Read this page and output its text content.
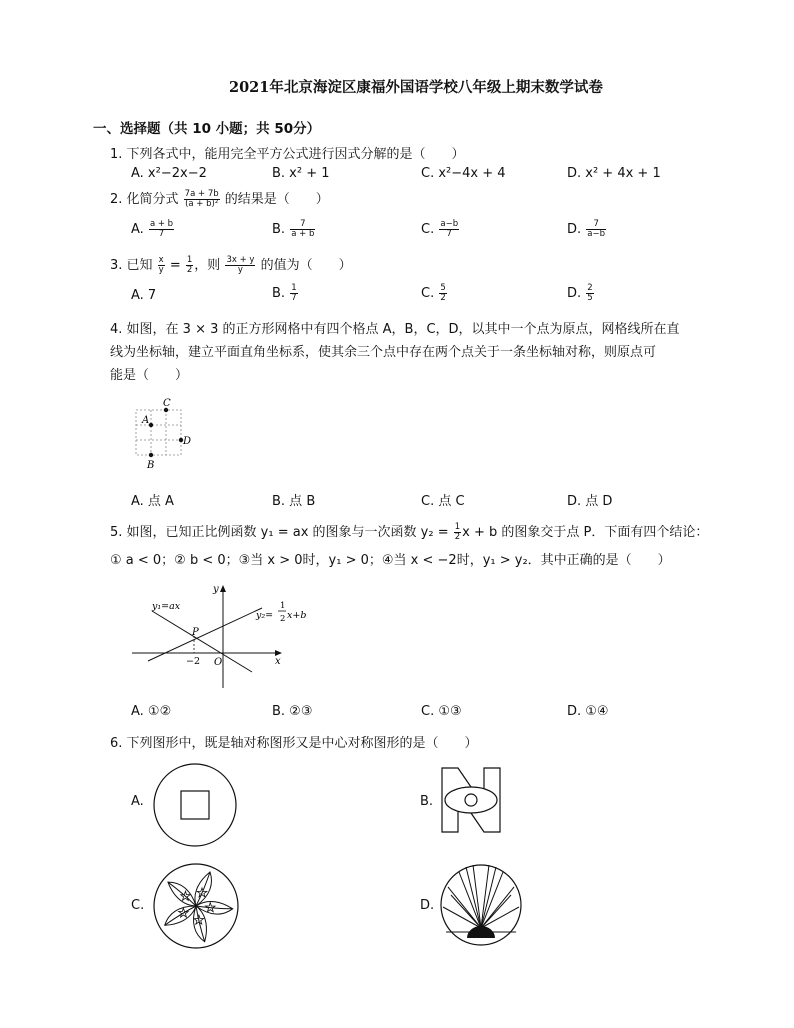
2021年北京海淀区康福外国语学校八年级上期末数学试卷
一、选择题（共 10 小题；共 50分）
1. 下列各式中，能用完全平方公式进行因式分解的是（　　）
A. x²−2x−2	B. x² + 1	C. x²−4x + 4	D. x² + 4x + 1
2. 化简分式 $\frac{7a + 7b}{\text{(a + b)²}}$ 的结果是（　　）
A. $\frac{a + b}{7}$	B. $\frac{7}{a + b}$	C. $\frac{a-b}{7}$	D. $\frac{7}{a-b}$
3. 已知 $\frac{x}{y} = \frac{1}{2}$ ，则 $\frac{3x + y}{y}$ 的值为（　　）
A. 7	B. $\frac{1}{7}$	C. $\frac{5}{2}$	D. $\frac{2}{5}$
4. 如图，在 3 × 3 的正方形网格中有四个格点 A，B，C，D，以其中一个点为原点，网格线所在直
线为坐标轴，建立平面直角坐标系，使其余三个点中存在两个点关于一条坐标轴对称，则原点可
能是（　　）
C
A
D
B
A. 点 A	B. 点 B	C. 点 C	D. 点 D
5. 如图，已知正比例函数 y₁ = ax 的图象与一次函数 $y_2 = \frac{1}{2}$ x + b 的图象交于点 P．下面有四个结论：
① a < 0；② b < 0；③当 x > 0时，y₁ > 0；④当 x < −2时，y₁ > y₂．其中正确的是（　　）
y
x
O
P
−2
y₁=ax
y₂=
1
2 x+b
A. ①②	B. ②③	C. ①③	D. ①④
6. 下列图形中，既是轴对称图形又是中心对称图形的是（　　）
A.	B.
C.	D.
